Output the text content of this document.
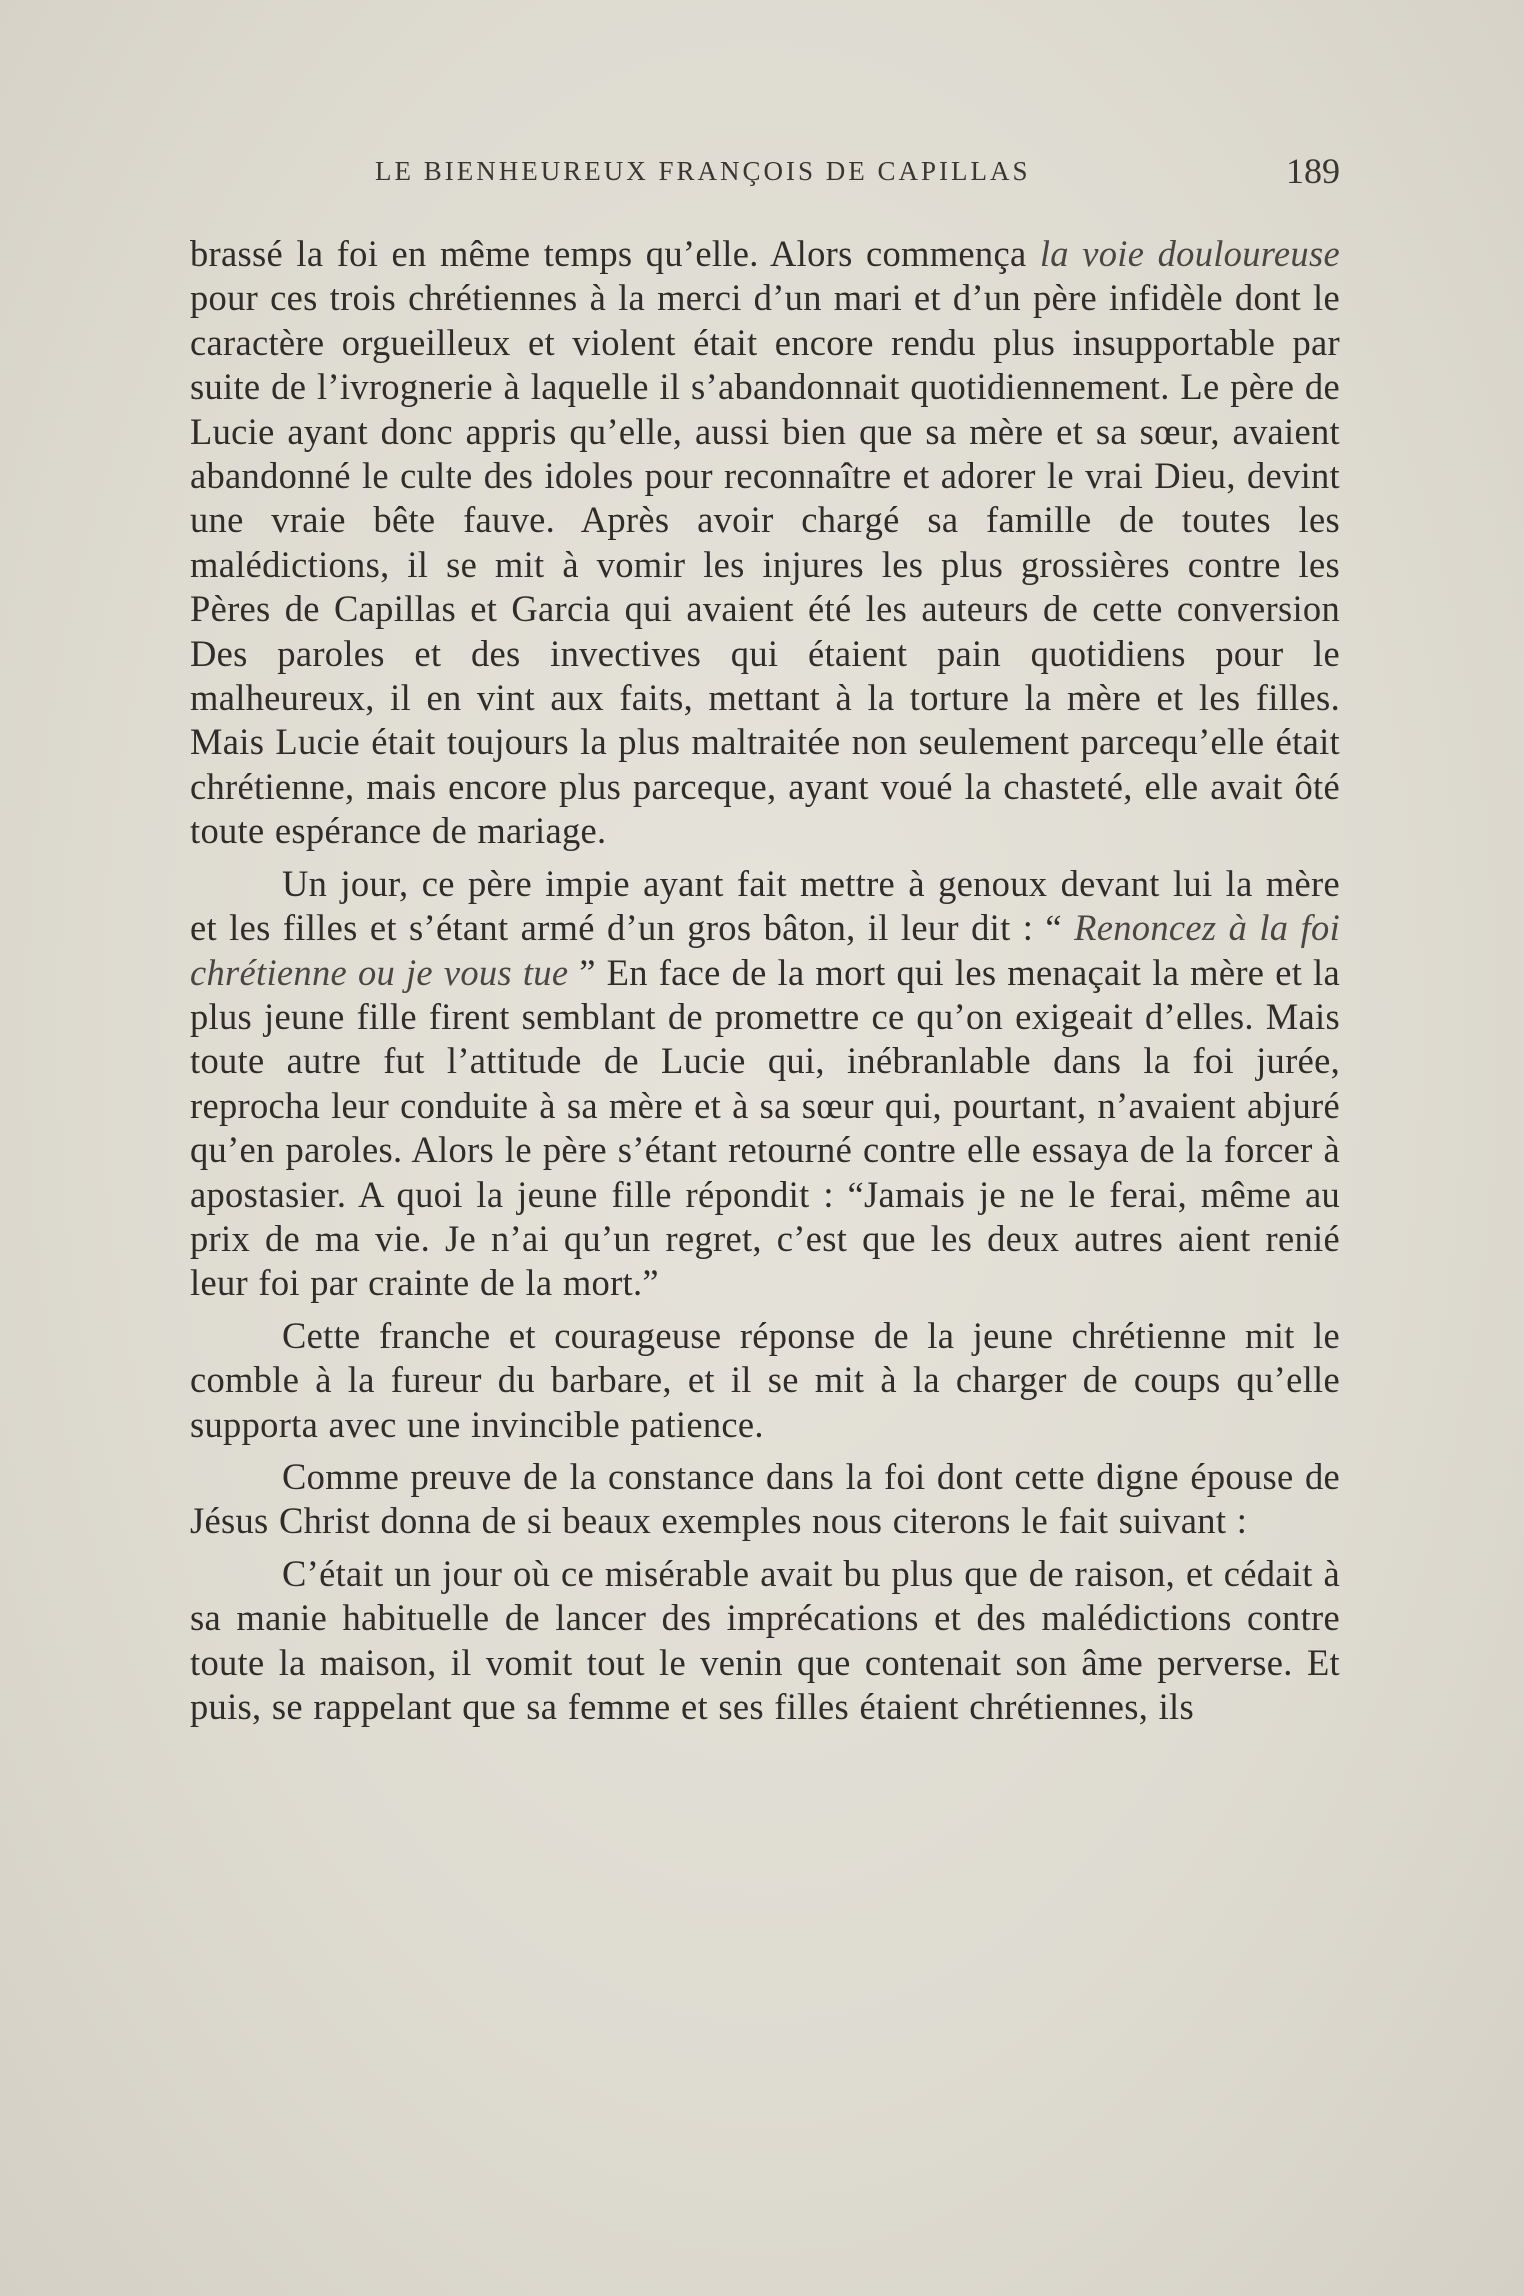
LE BIENHEUREUX FRANÇOIS DE CAPILLAS	189

brassé la foi en même temps qu’elle. Alors commença la voie douloureuse pour ces trois chrétiennes à la merci d’un mari et d’un père infidèle dont le caractère orgueilleux et violent était encore rendu plus insupportable par suite de l’ivrognerie à laquelle il s’abandonnait quotidiennement. Le père de Lucie ayant donc appris qu’elle, aussi bien que sa mère et sa sœur, avaient abandonné le culte des idoles pour reconnaître et adorer le vrai Dieu, devint une vraie bête fauve. Après avoir chargé sa famille de toutes les malédictions, il se mit à vomir les injures les plus grossières contre les Pères de Capillas et Garcia qui avaient été les auteurs de cette conversion Des paroles et des invectives qui étaient pain quotidiens pour le malheureux, il en vint aux faits, mettant à la torture la mère et les filles. Mais Lucie était toujours la plus maltraitée non seulement parcequ’elle était chrétienne, mais encore plus parceque, ayant voué la chasteté, elle avait ôté toute espérance de mariage.

Un jour, ce père impie ayant fait mettre à genoux devant lui la mère et les filles et s’étant armé d’un gros bâton, il leur dit : “ Renoncez à la foi chrétienne ou je vous tue ” En face de la mort qui les menaçait la mère et la plus jeune fille firent semblant de promettre ce qu’on exigeait d’elles. Mais toute autre fut l’attitude de Lucie qui, inébranlable dans la foi jurée, reprocha leur conduite à sa mère et à sa sœur qui, pourtant, n’avaient abjuré qu’en paroles. Alors le père s’étant retourné contre elle essaya de la forcer à apostasier. A quoi la jeune fille répondit : “Jamais je ne le ferai, même au prix de ma vie. Je n’ai qu’un regret, c’est que les deux autres aient renié leur foi par crainte de la mort.”

Cette franche et courageuse réponse de la jeune chrétienne mit le comble à la fureur du barbare, et il se mit à la charger de coups qu’elle supporta avec une invincible patience.

Comme preuve de la constance dans la foi dont cette digne épouse de Jésus Christ donna de si beaux exemples nous citerons le fait suivant :

C’était un jour où ce misérable avait bu plus que de raison, et cédait à sa manie habituelle de lancer des imprécations et des malédictions contre toute la maison, il vomit tout le venin que contenait son âme perverse. Et puis, se rappelant que sa femme et ses filles étaient chrétiennes, ils
